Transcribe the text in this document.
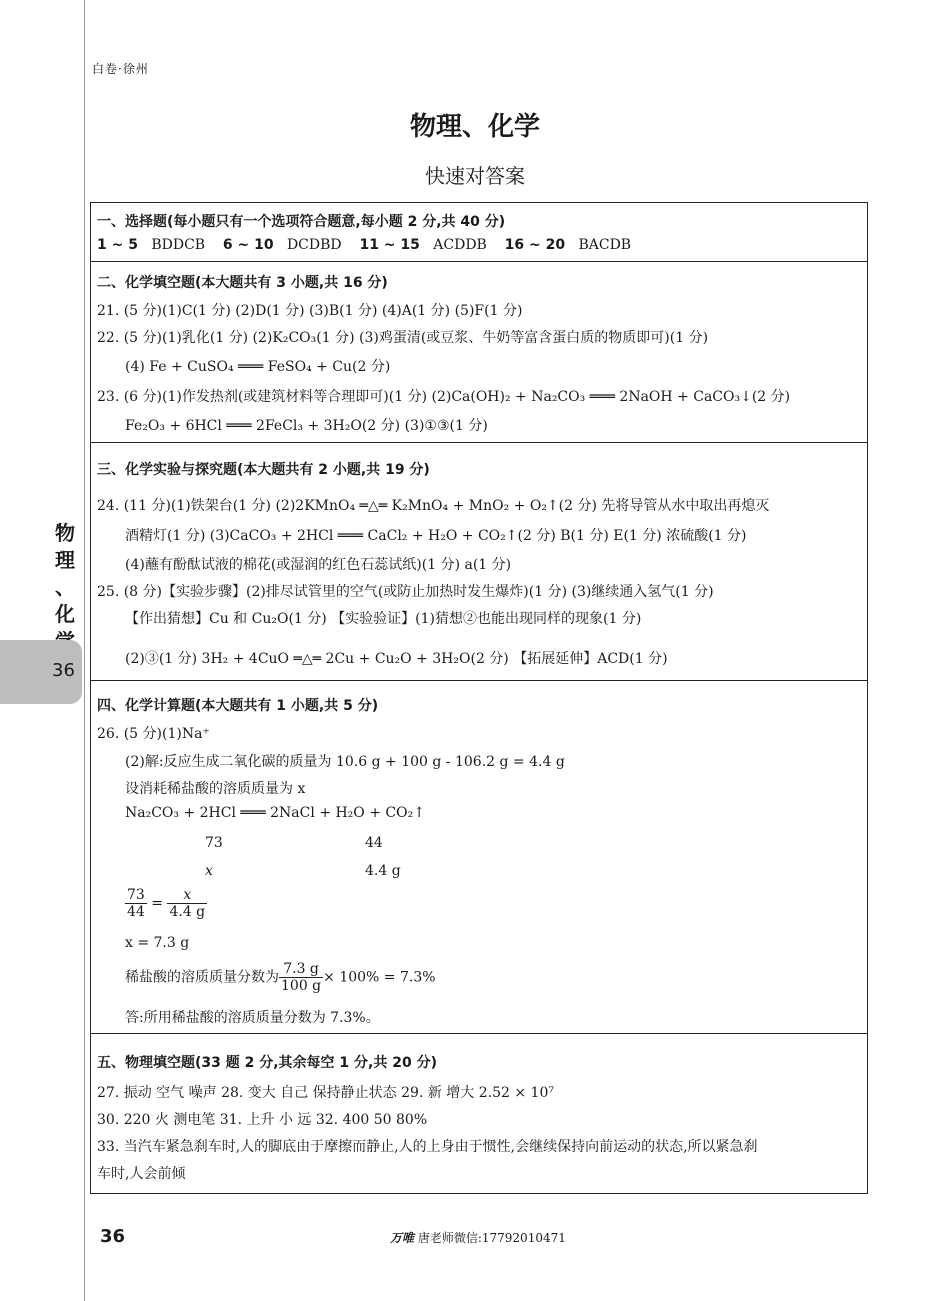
白卷·徐州
物理、化学
快速对答案
物
理
、
化
36
一、选择题(每小题只有一个选项符合题意,每小题 2 分,共 40 分)
1 ~ 5 BDDCB 6 ~ 10 DCDBD 11 ~ 15 ACDDB 16 ~ 20 BACDB
二、化学填空题(本大题共有 3 小题,共 16 分)
21. (5 分)(1)C(1 分) (2)D(1 分) (3)B(1 分) (4)A(1 分) (5)F(1 分)
22. (5 分)(1)乳化(1 分) (2)K₂CO₃(1 分) (3)鸡蛋清(或豆浆、牛奶等富含蛋白质的物质即可)(1 分)
(4) Fe + CuSO₄ ═══ FeSO₄ + Cu(2 分)
23. (6 分)(1)作发热剂(或建筑材料等合理即可)(1 分) (2)Ca(OH)₂ + Na₂CO₃ ═══ 2NaOH + CaCO₃↓(2 分)
Fe₂O₃ + 6HCl ═══ 2FeCl₃ + 3H₂O(2 分) (3)①③(1 分)
三、化学实验与探究题(本大题共有 2 小题,共 19 分)
24. (11 分)(1)铁架台(1 分) (2)2KMnO₄ ═△═ K₂MnO₄ + MnO₂ + O₂↑(2 分) 先将导管从水中取出再熄灭
酒精灯(1 分) (3)CaCO₃ + 2HCl ═══ CaCl₂ + H₂O + CO₂↑(2 分) B(1 分) E(1 分) 浓硫酸(1 分)
(4)蘸有酚酞试液的棉花(或湿润的红色石蕊试纸)(1 分) a(1 分)
25. (8 分)【实验步骤】(2)排尽试管里的空气(或防止加热时发生爆炸)(1 分) (3)继续通入氢气(1 分)
【作出猜想】Cu 和 Cu₂O(1 分) 【实验验证】(1)猜想②也能出现同样的现象(1 分)
(2)③(1 分) 3H₂ + 4CuO ═△═ 2Cu + Cu₂O + 3H₂O(2 分) 【拓展延伸】ACD(1 分)
四、化学计算题(本大题共有 1 小题,共 5 分)
26. (5 分)(1)Na⁺
(2)解:反应生成二氧化碳的质量为 10.6 g + 100 g - 106.2 g = 4.4 g
设消耗稀盐酸的溶质质量为 x
Na₂CO₃ + 2HCl ═══ 2NaCl + H₂O + CO₂↑
73	44
x	4.4 g
$\frac{73}{44} = \frac{x}{4.4 g}$
x = 7.3 g
稀盐酸的溶质质量分数为 $\frac{7.3 g}{100 g} \times 100\% = 7.3\%$
答:所用稀盐酸的溶质质量分数为 7.3%。
五、物理填空题(33 题 2 分,其余每空 1 分,共 20 分)
27. 振动 空气 噪声 28. 变大 自己 保持静止状态 29. 新 增大 2.52 × 10⁷
30. 220 火 测电笔 31. 上升 小 远 32. 400 50 80%
33. 当汽车紧急刹车时,人的脚底由于摩擦而静止,人的上身由于惯性,会继续保持向前运动的状态,所以紧急刹
车时,人会前倾
36	万唯 唐老师微信:17792010471
